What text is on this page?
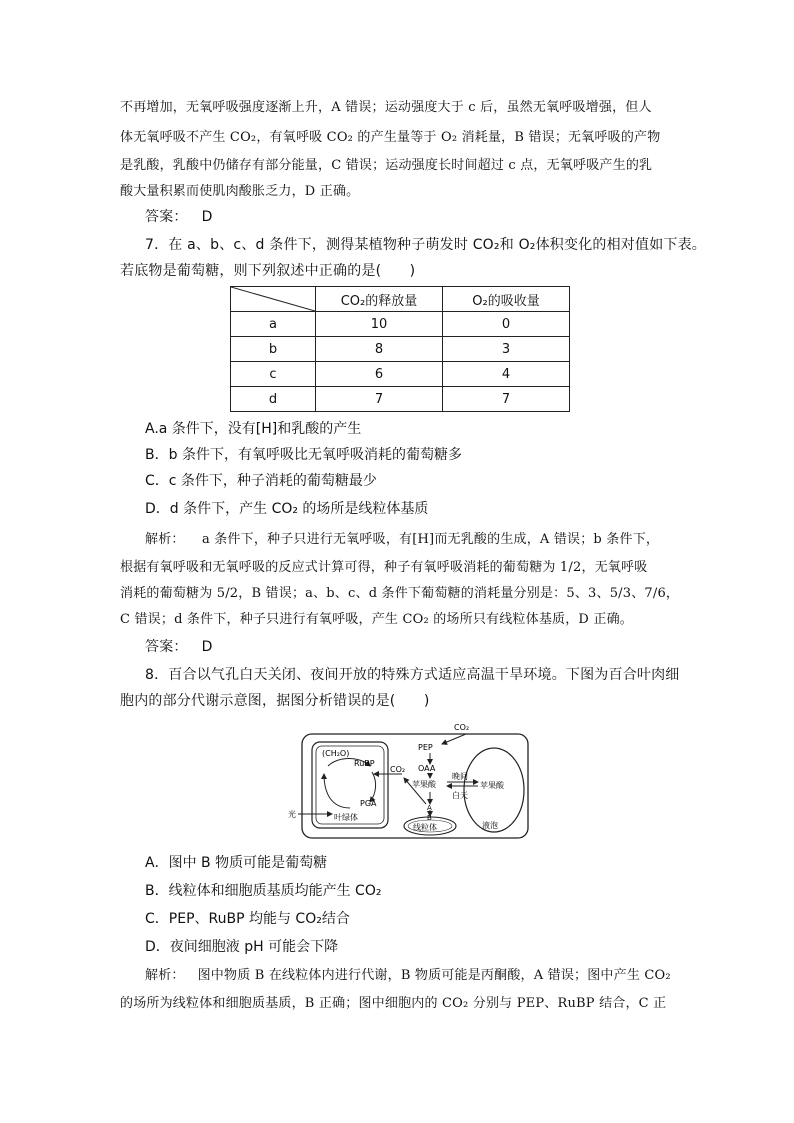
不再增加，无氧呼吸强度逐渐上升，A 错误；运动强度大于 c 后，虽然无氧呼吸增强，但人
体无氧呼吸不产生 CO₂，有氧呼吸 CO₂ 的产生量等于 O₂ 消耗量，B 错误；无氧呼吸的产物
是乳酸，乳酸中仍储存有部分能量，C 错误；运动强度长时间超过 c 点，无氧呼吸产生的乳
酸大量积累而使肌肉酸胀乏力，D 正确。
答案： D
7．在 a、b、c、d 条件下，测得某植物种子萌发时 CO₂和 O₂体积变化的相对值如下表。
若底物是葡萄糖，则下列叙述中正确的是(　　)
	CO₂的释放量	O₂的吸收量
a	10	0
b	8	3
c	6	4
d	7	7
A.a 条件下，没有[H]和乳酸的产生
B．b 条件下，有氧呼吸比无氧呼吸消耗的葡萄糖多
C．c 条件下，种子消耗的葡萄糖最少
D．d 条件下，产生 CO₂ 的场所是线粒体基质
解析： a 条件下，种子只进行无氧呼吸，有[H]而无乳酸的生成，A 错误；b 条件下，
根据有氧呼吸和无氧呼吸的反应式计算可得，种子有氧呼吸消耗的葡萄糖为 1/2，无氧呼吸
消耗的葡萄糖为 5/2，B 错误；a、b、c、d 条件下葡萄糖的消耗量分别是：5、3、5/3、7/6，
C 错误；d 条件下，种子只进行有氧呼吸，产生 CO₂ 的场所只有线粒体基质，D 正确。
答案： D
8．百合以气孔白天关闭、夜间开放的特殊方式适应高温干旱环境。下图为百合叶肉细
胞内的部分代谢示意图，据图分析错误的是(　　)
CO₂
PEP
OAA
苹果酸	苹果酸
晚间
白天
A
B
线粒体	液泡
CO₂
(CH₂O)
RuBP
PGA
叶绿体
光
A．图中 B 物质可能是葡萄糖
B．线粒体和细胞质基质均能产生 CO₂
C．PEP、RuBP 均能与 CO₂结合
D．夜间细胞液 pH 可能会下降
解析： 图中物质 B 在线粒体内进行代谢，B 物质可能是丙酮酸，A 错误；图中产生 CO₂
的场所为线粒体和细胞质基质，B 正确；图中细胞内的 CO₂ 分别与 PEP、RuBP 结合，C 正
